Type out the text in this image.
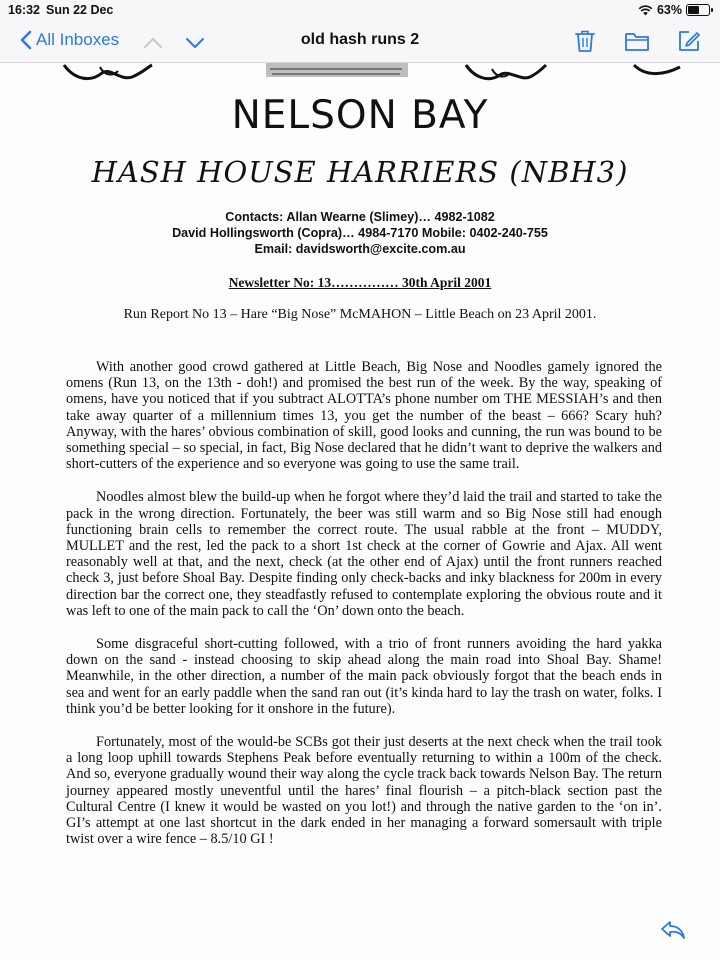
16:32 Sun 22 Dec	63%
All Inboxes	old hash runs 2
NELSON BAY
HASH HOUSE HARRIERS (NBH3)
Contacts: Allan Wearne (Slimey)… 4982-1082
David Hollingsworth (Copra)… 4984-7170 Mobile: 0402-240-755
Email: davidsworth@excite.com.au
Newsletter No: 13…………… 30th April 2001
Run Report No 13 – Hare “Big Nose” McMAHON – Little Beach on 23 April 2001.

With another good crowd gathered at Little Beach, Big Nose and Noodles gamely ignored the omens (Run 13, on the 13th - doh!) and promised the best run of the week. By the way, speaking of omens, have you noticed that if you subtract ALOTTA’s phone number om THE MESSIAH’s and then take away quarter of a millennium times 13, you get the number of the beast – 666? Scary huh? Anyway, with the hares’ obvious combination of skill, good looks and cunning, the run was bound to be something special – so special, in fact, Big Nose declared that he didn’t want to deprive the walkers and short-cutters of the experience and so everyone was going to use the same trail.

Noodles almost blew the build-up when he forgot where they’d laid the trail and started to take the pack in the wrong direction. Fortunately, the beer was still warm and so Big Nose still had enough functioning brain cells to remember the correct route. The usual rabble at the front – MUDDY, MULLET and the rest, led the pack to a short 1st check at the corner of Gowrie and Ajax. All went reasonably well at that, and the next, check (at the other end of Ajax) until the front runners reached check 3, just before Shoal Bay. Despite finding only check-backs and inky blackness for 200m in every direction bar the correct one, they steadfastly refused to contemplate exploring the obvious route and it was left to one of the main pack to call the ‘On’ down onto the beach.

Some disgraceful short-cutting followed, with a trio of front runners avoiding the hard yakka down on the sand - instead choosing to skip ahead along the main road into Shoal Bay. Shame! Meanwhile, in the other direction, a number of the main pack obviously forgot that the beach ends in sea and went for an early paddle when the sand ran out (it’s kinda hard to lay the trash on water, folks. I think you’d be better looking for it onshore in the future).

Fortunately, most of the would-be SCBs got their just deserts at the next check when the trail took a long loop uphill towards Stephens Peak before eventually returning to within a 100m of the check. And so, everyone gradually wound their way along the cycle track back towards Nelson Bay. The return journey appeared mostly uneventful until the hares’ final flourish – a pitch-black section past the Cultural Centre (I knew it would be wasted on you lot!) and through the native garden to the ‘on in’. GI’s attempt at one last shortcut in the dark ended in her managing a forward somersault with triple twist over a wire fence – 8.5/10 GI !
